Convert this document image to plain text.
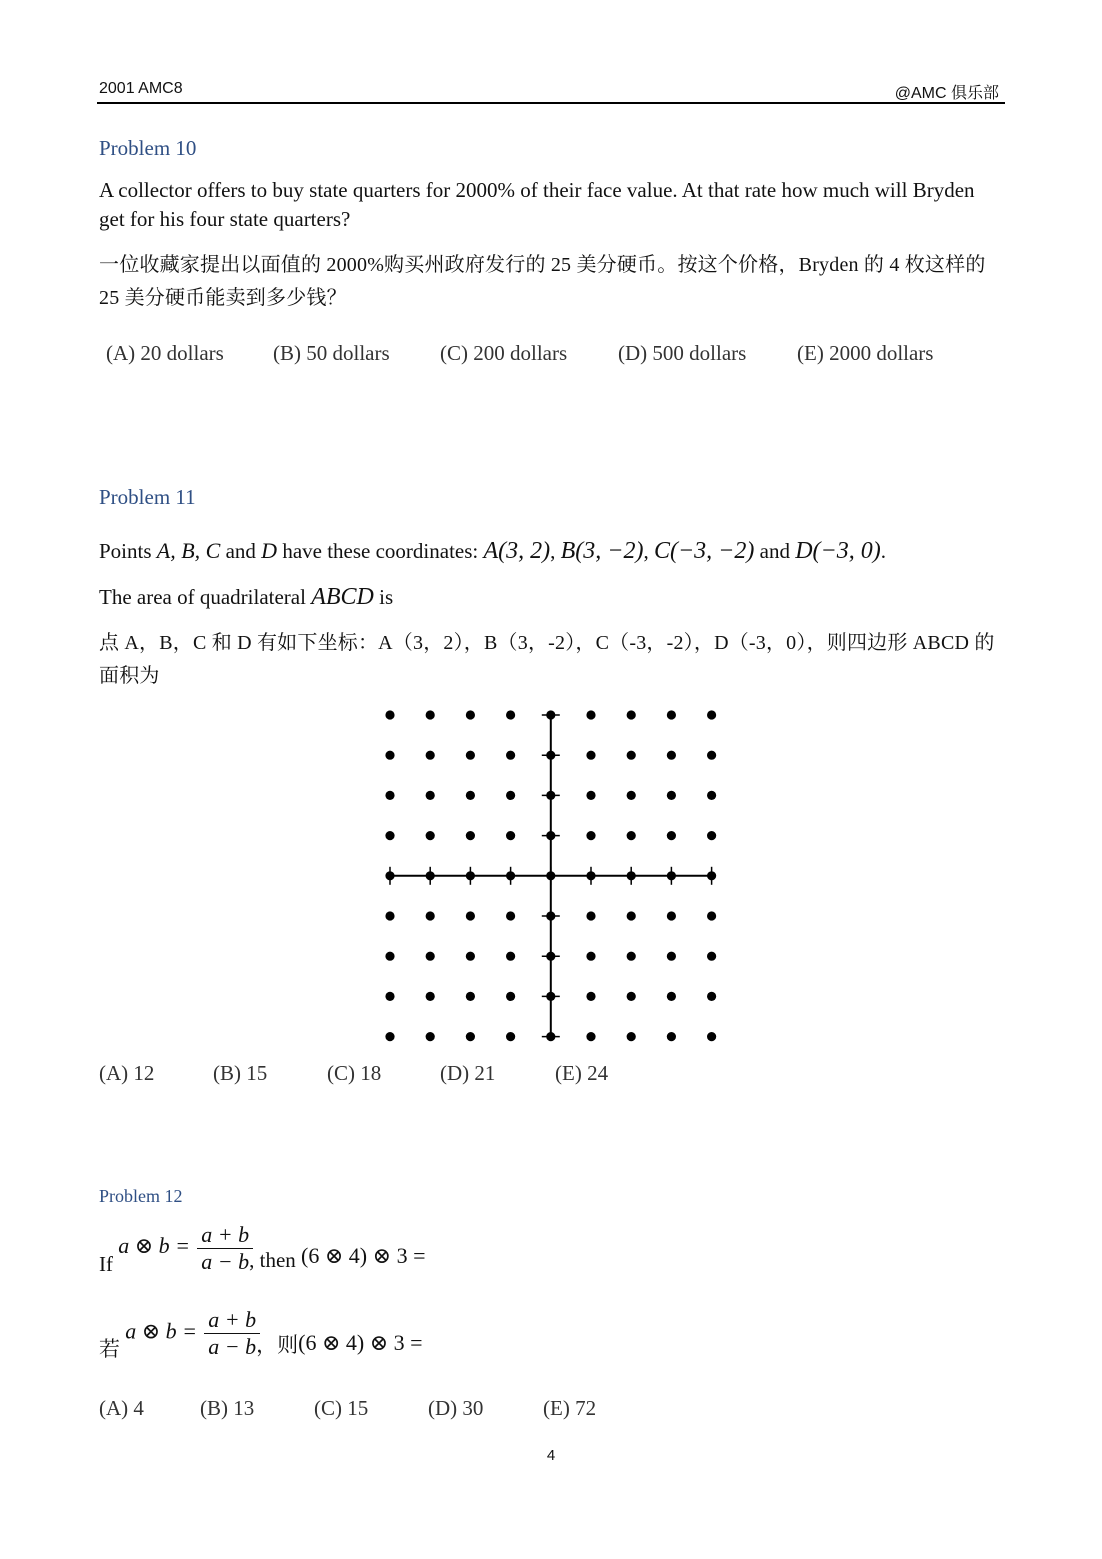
2001 AMC8	@AMC 俱乐部
Problem 10
A collector offers to buy state quarters for 2000% of their face value. At that rate how much will Bryden get for his four state quarters?
一位收藏家提出以面值的 2000%购买州政府发行的 25 美分硬币。按这个价格，Bryden 的 4 枚这样的 25 美分硬币能卖到多少钱？
(A) 20 dollars (B) 50 dollars (C) 200 dollars (D) 500 dollars (E) 2000 dollars
Problem 11
Points A, B, C and D have these coordinates: A(3, 2), B(3, −2), C(−3, −2) and D(−3, 0).
The area of quadrilateral ABCD is
点 A，B，C 和 D 有如下坐标：A（3，2），B（3，-2），C（-3，-2），D（-3，0），则四边形 ABCD 的面积为
(A) 12	(B) 15	(C) 18	(D) 21	(E) 24
Problem 12
If a ⊗ $b = \frac{a + b}{a - b}$
, then (6 ⊗ 4) ⊗ 3 =
若 a ⊗ $b = \frac{a + b}{a - b}$
，则(6 ⊗ 4) ⊗ 3 =
(A) 4	(B) 13	(C) 15	(D) 30	(E) 72
4
